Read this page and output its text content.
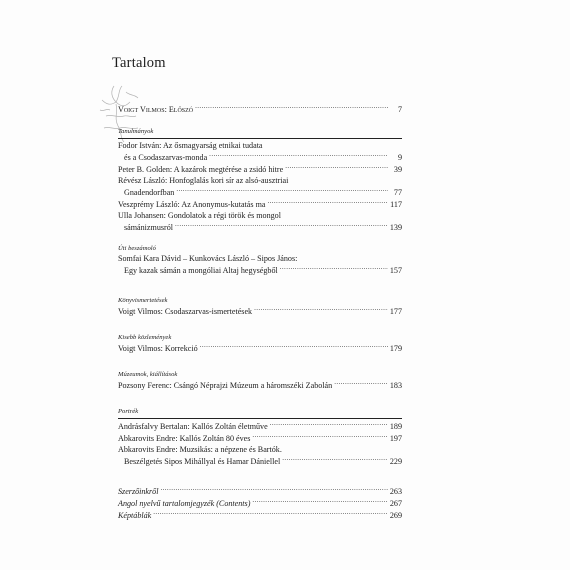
Tartalom
Voigt Vilmos: Előszó .....	7
Tanulmányok
Fodor István: Az ősmagyarság etnikai tudata
és a Csodaszarvas-monda .....	9
Peter B. Golden: A kazárok megtérése a zsidó hitre .....	39
Révész László: Honfoglalás kori sír az alsó-ausztriai
Gnadendorfban .....	77
Veszprémy László: Az Anonymus-kutatás ma .....	117
Ulla Johansen: Gondolatok a régi török és mongol
sámánizmusról .....	139
Úti beszámoló
Somfai Kara Dávid – Kunkovács László – Sipos János:
Egy kazak sámán a mongóliai Altaj hegységből .....	157
Könyvismertetések
Voigt Vilmos: Csodaszarvas-ismertetések .....	177
Kisebb közlemények
Voigt Vilmos: Korrekció .....	179
Múzeumok, kiállítások
Pozsony Ferenc: Csángó Néprajzi Múzeum a háromszéki Zabolán .....	183
Portrék
Andrásfalvy Bertalan: Kallós Zoltán életműve .....	189
Abkarovits Endre: Kallós Zoltán 80 éves .....	197
Abkarovits Endre: Muzsikás: a népzene és Bartók.
Beszélgetés Sipos Mihállyal és Hamar Dániellel .....	229
Szerzőinkről .....	263
Angol nyelvű tartalomjegyzék (Contents) .....	267
Képtáblák .....	269
